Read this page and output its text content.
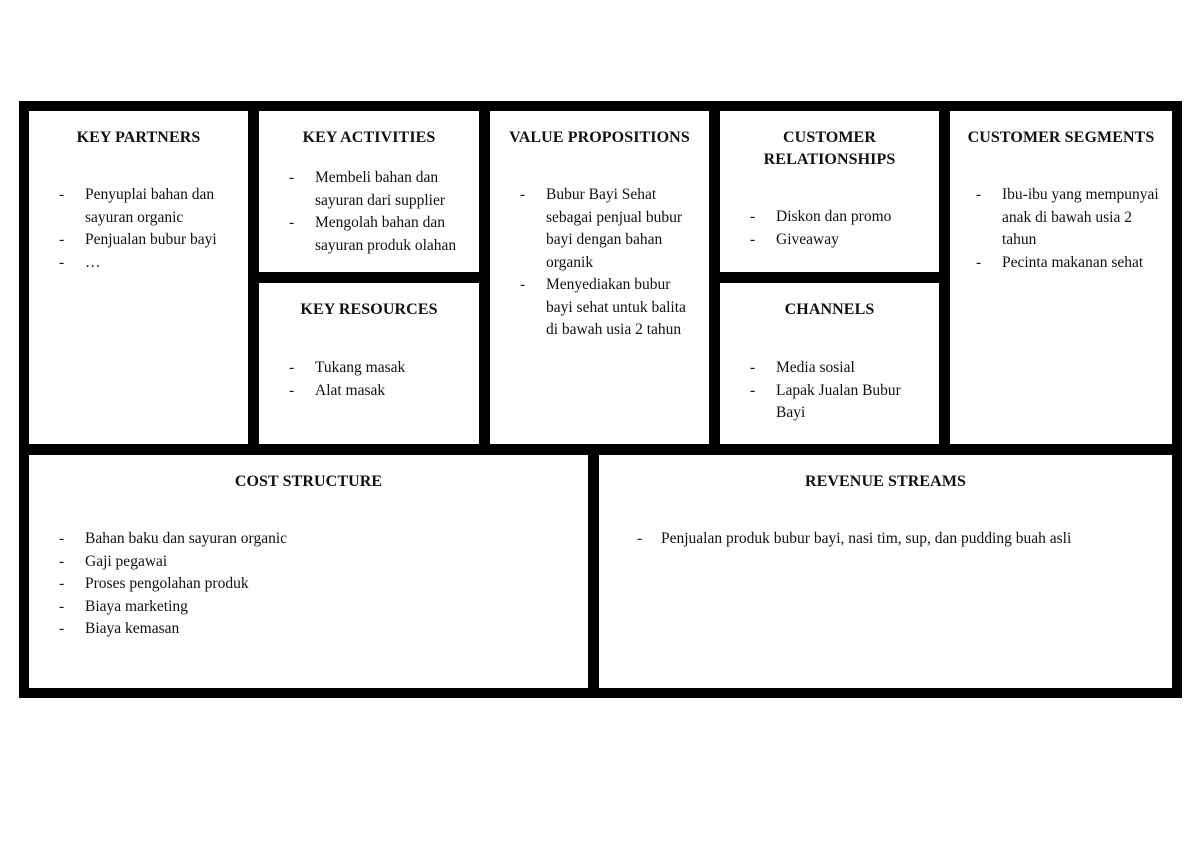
KEY PARTNERS
- Penyuplai bahan dan sayuran organic
- Penjualan bubur bayi
- …
KEY ACTIVITIES
- Membeli bahan dan sayuran dari supplier
- Mengolah bahan dan sayuran produk olahan
KEY RESOURCES
- Tukang masak
- Alat masak
VALUE PROPOSITIONS
- Bubur Bayi Sehat sebagai penjual bubur bayi dengan bahan organik
- Menyediakan bubur bayi sehat untuk balita di bawah usia 2 tahun
CUSTOMER RELATIONSHIPS
- Diskon dan promo
- Giveaway
CHANNELS
- Media sosial
- Lapak Jualan Bubur Bayi
CUSTOMER SEGMENTS
- Ibu-ibu yang mempunyai anak di bawah usia 2 tahun
- Pecinta makanan sehat
COST STRUCTURE
- Bahan baku dan sayuran organic
- Gaji pegawai
- Proses pengolahan produk
- Biaya marketing
- Biaya kemasan
REVENUE STREAMS
- Penjualan produk bubur bayi, nasi tim, sup, dan pudding buah asli
